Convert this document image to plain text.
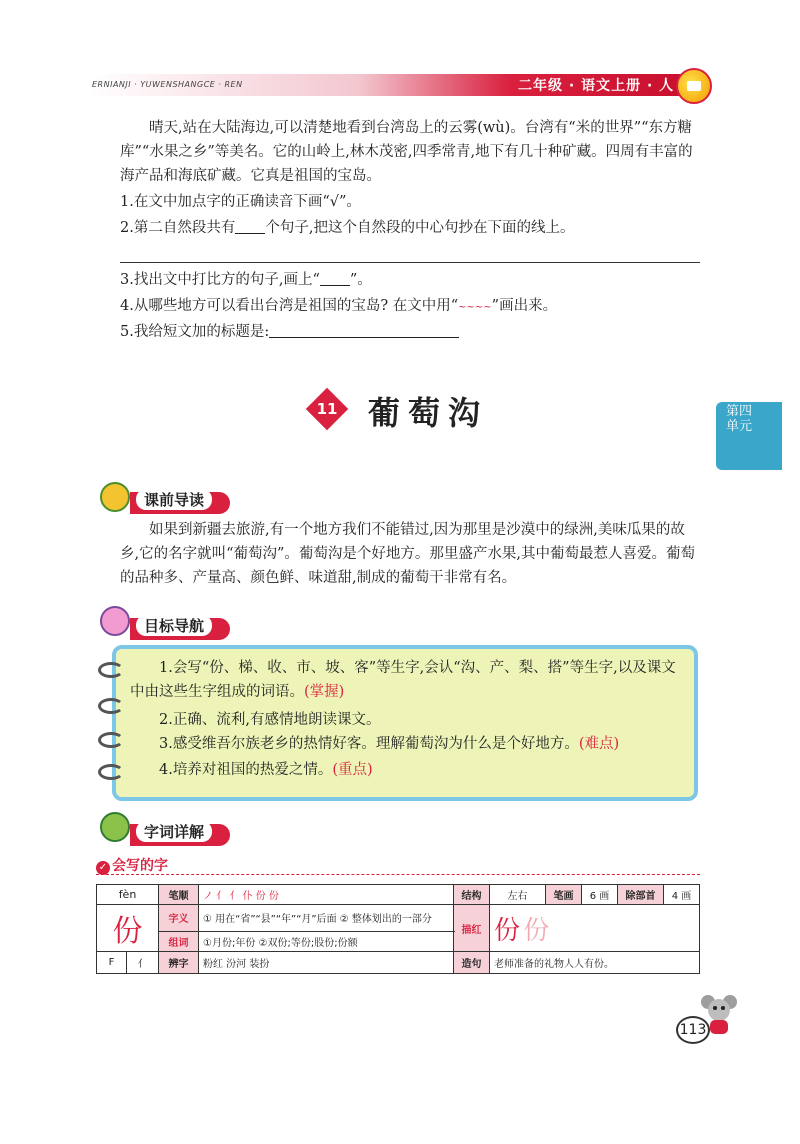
ERNIANJI · YUWENSHANGCE · REN	二年级 · 语文上册 · 人
晴天,站在大陆海边,可以清楚地看到台湾岛上的云雾(wù)。台湾有“米的世界”“东方糖库”“水果之乡”等美名。它的山岭上,林木茂密,四季常青,地下有几十种矿藏。四周有丰富的海产品和海底矿藏。它真是祖国的宝岛。
1.在文中加点字的正确读音下画“√”。
2.第二自然段共有 个句子,把这个自然段的中心句抄在下面的线上。
3.找出文中打比方的句子,画上“ ”。
4.从哪些地方可以看出台湾是祖国的宝岛? 在文中用“~~~~”画出来。
5.我给短文加的标题是:
第四
单元
11 葡萄沟
课前导读
如果到新疆去旅游,有一个地方我们不能错过,因为那里是沙漠中的绿洲,美味瓜果的故乡,它的名字就叫“葡萄沟”。葡萄沟是个好地方。那里盛产水果,其中葡萄最惹人喜爱。葡萄的品种多、产量高、颜色鲜、味道甜,制成的葡萄干非常有名。
目标导航
1.会写“份、梯、收、市、坡、客”等生字,会认“沟、产、梨、搭”等生字,以及课文中由这些生字组成的词语。(掌握)
2.正确、流利,有感情地朗读课文。
3.感受维吾尔族老乡的热情好客。理解葡萄沟为什么是个好地方。(难点)
4.培养对祖国的热爱之情。(重点)
字词详解
✓ 会写的字
fèn		笔顺	ノ 亻 亻 仆 份 份	结构	左右	笔画	6 画	除部首	4 画
份		字义	① 用在“省”“县”“年”“月”后面 ② 整体划出的一部分	描红	份 份				
		组词	①月份;年份 ②双份;等份;股份;份额						
F	亻	辨字	粉红 汾河 装扮	造句	老师准备的礼物人人有份。				
113
